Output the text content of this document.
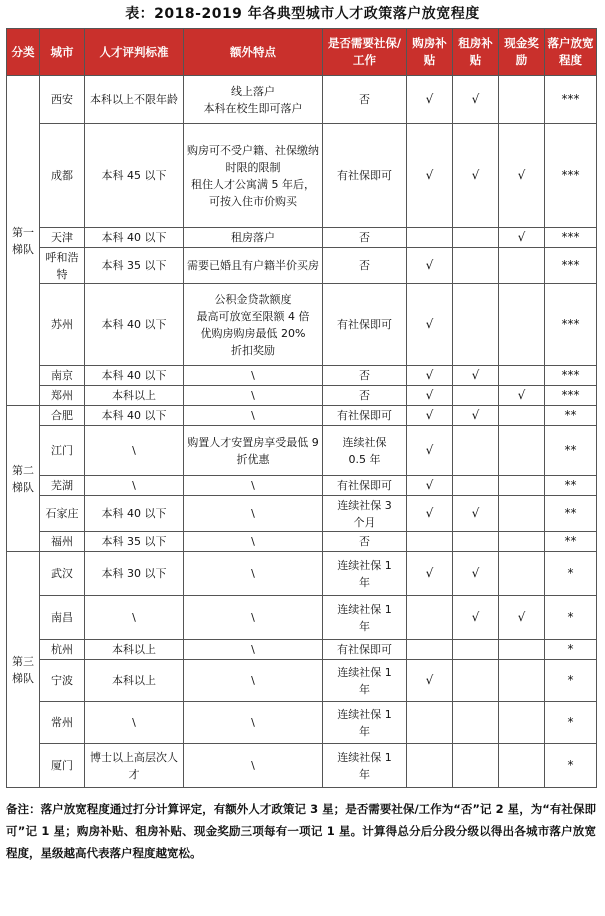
表：2018-2019 年各典型城市人才政策落户放宽程度
分类	城市	人才评判标准	额外特点	是否需要社保/工作	购房补贴	租房补贴	现金奖励	落户放宽程度
第一梯队	西安	本科以上不限年龄	线上落户
本科在校生即可落户	否	√	√		***
	成都	本科 45 以下	购房可不受户籍、社保缴纳时限的限制
租住人才公寓满 5 年后，
可按入住市价购买	有社保即可	√	√	√	***
	天津	本科 40 以下	租房落户	否			√	***
	呼和浩特	本科 35 以下	需要已婚且有户籍半价买房	否	√			***
	苏州	本科 40 以下	公积金贷款额度
最高可放宽至限额 4 倍
优购房购房最低 20%
折扣奖励	有社保即可	√			***
	南京	本科 40 以下	\	否	√	√		***
	郑州	本科以上	\	否	√		√	***
第二梯队	合肥	本科 40 以下	\	有社保即可	√	√		**
	江门	\	购置人才安置房享受最低 9 折优惠	连续社保
0.5 年	√			**
	芜湖	\	\	有社保即可	√			**
	石家庄	本科 40 以下	\	连续社保 3
个月	√	√		**
	福州	本科 35 以下	\	否				**
第三梯队	武汉	本科 30 以下	\	连续社保 1
年	√	√		*
	南昌	\	\	连续社保 1
年		√	√	*
	杭州	本科以上	\	有社保即可				*
	宁波	本科以上	\	连续社保 1
年	√			*
	常州	\	\	连续社保 1
年				*
	厦门	博士以上高层次人才	\	连续社保 1
年				*
备注：落户放宽程度通过打分计算评定，有额外人才政策记 3 星；是否需要社保/工作为“否”记 2 星，为“有社保即可”记 1 星；购房补贴、租房补贴、现金奖励三项每有一项记 1 星。计算得总分后分段分级以得出各城市落户放宽程度，星级越高代表落户程度越宽松。
